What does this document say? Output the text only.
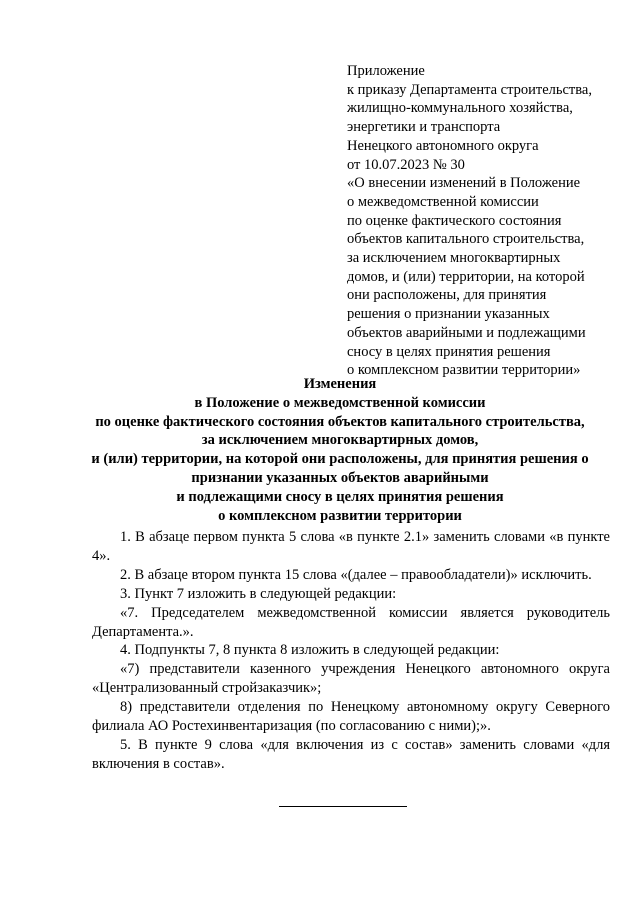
Приложение
к приказу Департамента строительства,
жилищно-коммунального хозяйства,
энергетики и транспорта
Ненецкого автономного округа
от 10.07.2023 № 30
«О внесении изменений в Положение
о межведомственной комиссии
по оценке фактического состояния
объектов капитального строительства,
за исключением многоквартирных
домов, и (или) территории, на которой
они расположены, для принятия
решения о признании указанных
объектов аварийными и подлежащими
сносу в целях принятия решения
о комплексном развитии территории»
Изменения
в Положение о межведомственной комиссии
по оценке фактического состояния объектов капитального строительства,
за исключением многоквартирных домов,
и (или) территории, на которой они расположены, для принятия решения о
признании указанных объектов аварийными
и подлежащими сносу в целях принятия решения
о комплексном развитии территории

1. В абзаце первом пункта 5 слова «в пункте 2.1» заменить словами «в пункте 4».

2. В абзаце втором пункта 15 слова «(далее – правообладатели)» исключить.

3. Пункт 7 изложить в следующей редакции:

«7. Председателем межведомственной комиссии является руководитель Департамента.».

4. Подпункты 7, 8 пункта 8 изложить в следующей редакции:

«7) представители казенного учреждения Ненецкого автономного округа «Централизованный стройзаказчик»;

8) представители отделения по Ненецкому автономному округу Северного филиала АО Ростехинвентаризация (по согласованию с ними);».

5. В пункте 9 слова «для включения из с состав» заменить словами «для включения в состав».
